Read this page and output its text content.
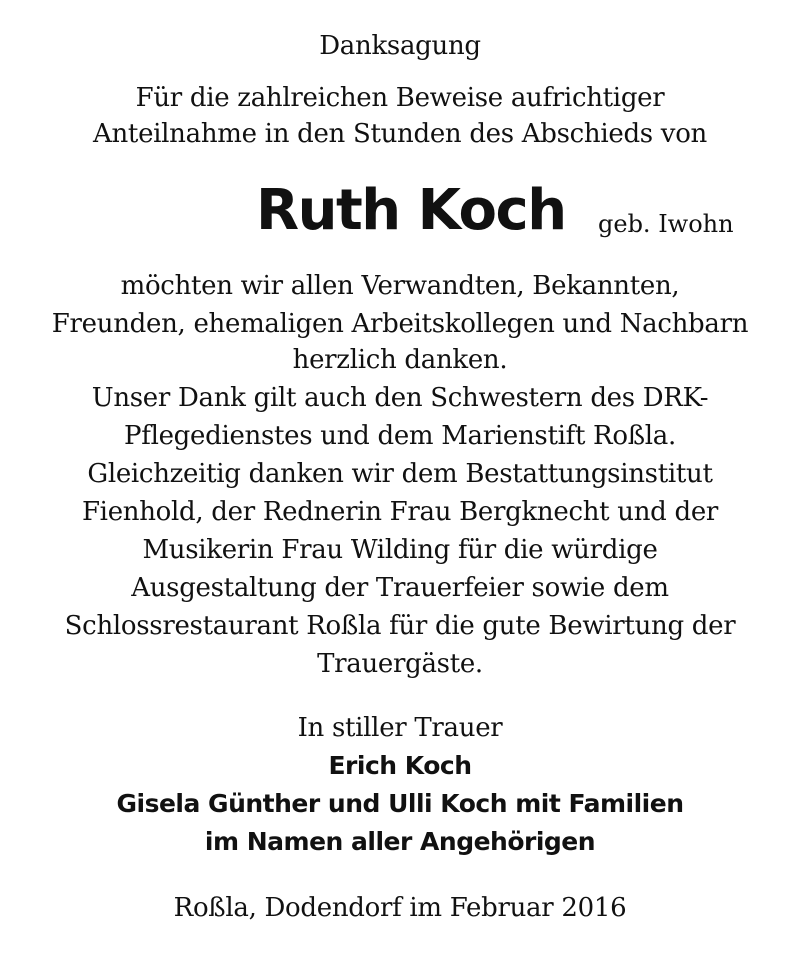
Danksagung
Für die zahlreichen Beweise aufrichtiger
Anteilnahme in den Stunden des Abschieds von
Ruth Koch geb. Iwohn
möchten wir allen Verwandten, Bekannten,
Freunden, ehemaligen Arbeitskollegen und Nachbarn
herzlich danken.
Unser Dank gilt auch den Schwestern des DRK-
Pflegedienstes und dem Marienstift Roßla.
Gleichzeitig danken wir dem Bestattungsinstitut
Fienhold, der Rednerin Frau Bergknecht und der
Musikerin Frau Wilding für die würdige
Ausgestaltung der Trauerfeier sowie dem
Schlossrestaurant Roßla für die gute Bewirtung der
Trauergäste.
In stiller Trauer
Erich Koch
Gisela Günther und Ulli Koch mit Familien
im Namen aller Angehörigen
Roßla, Dodendorf im Februar 2016
